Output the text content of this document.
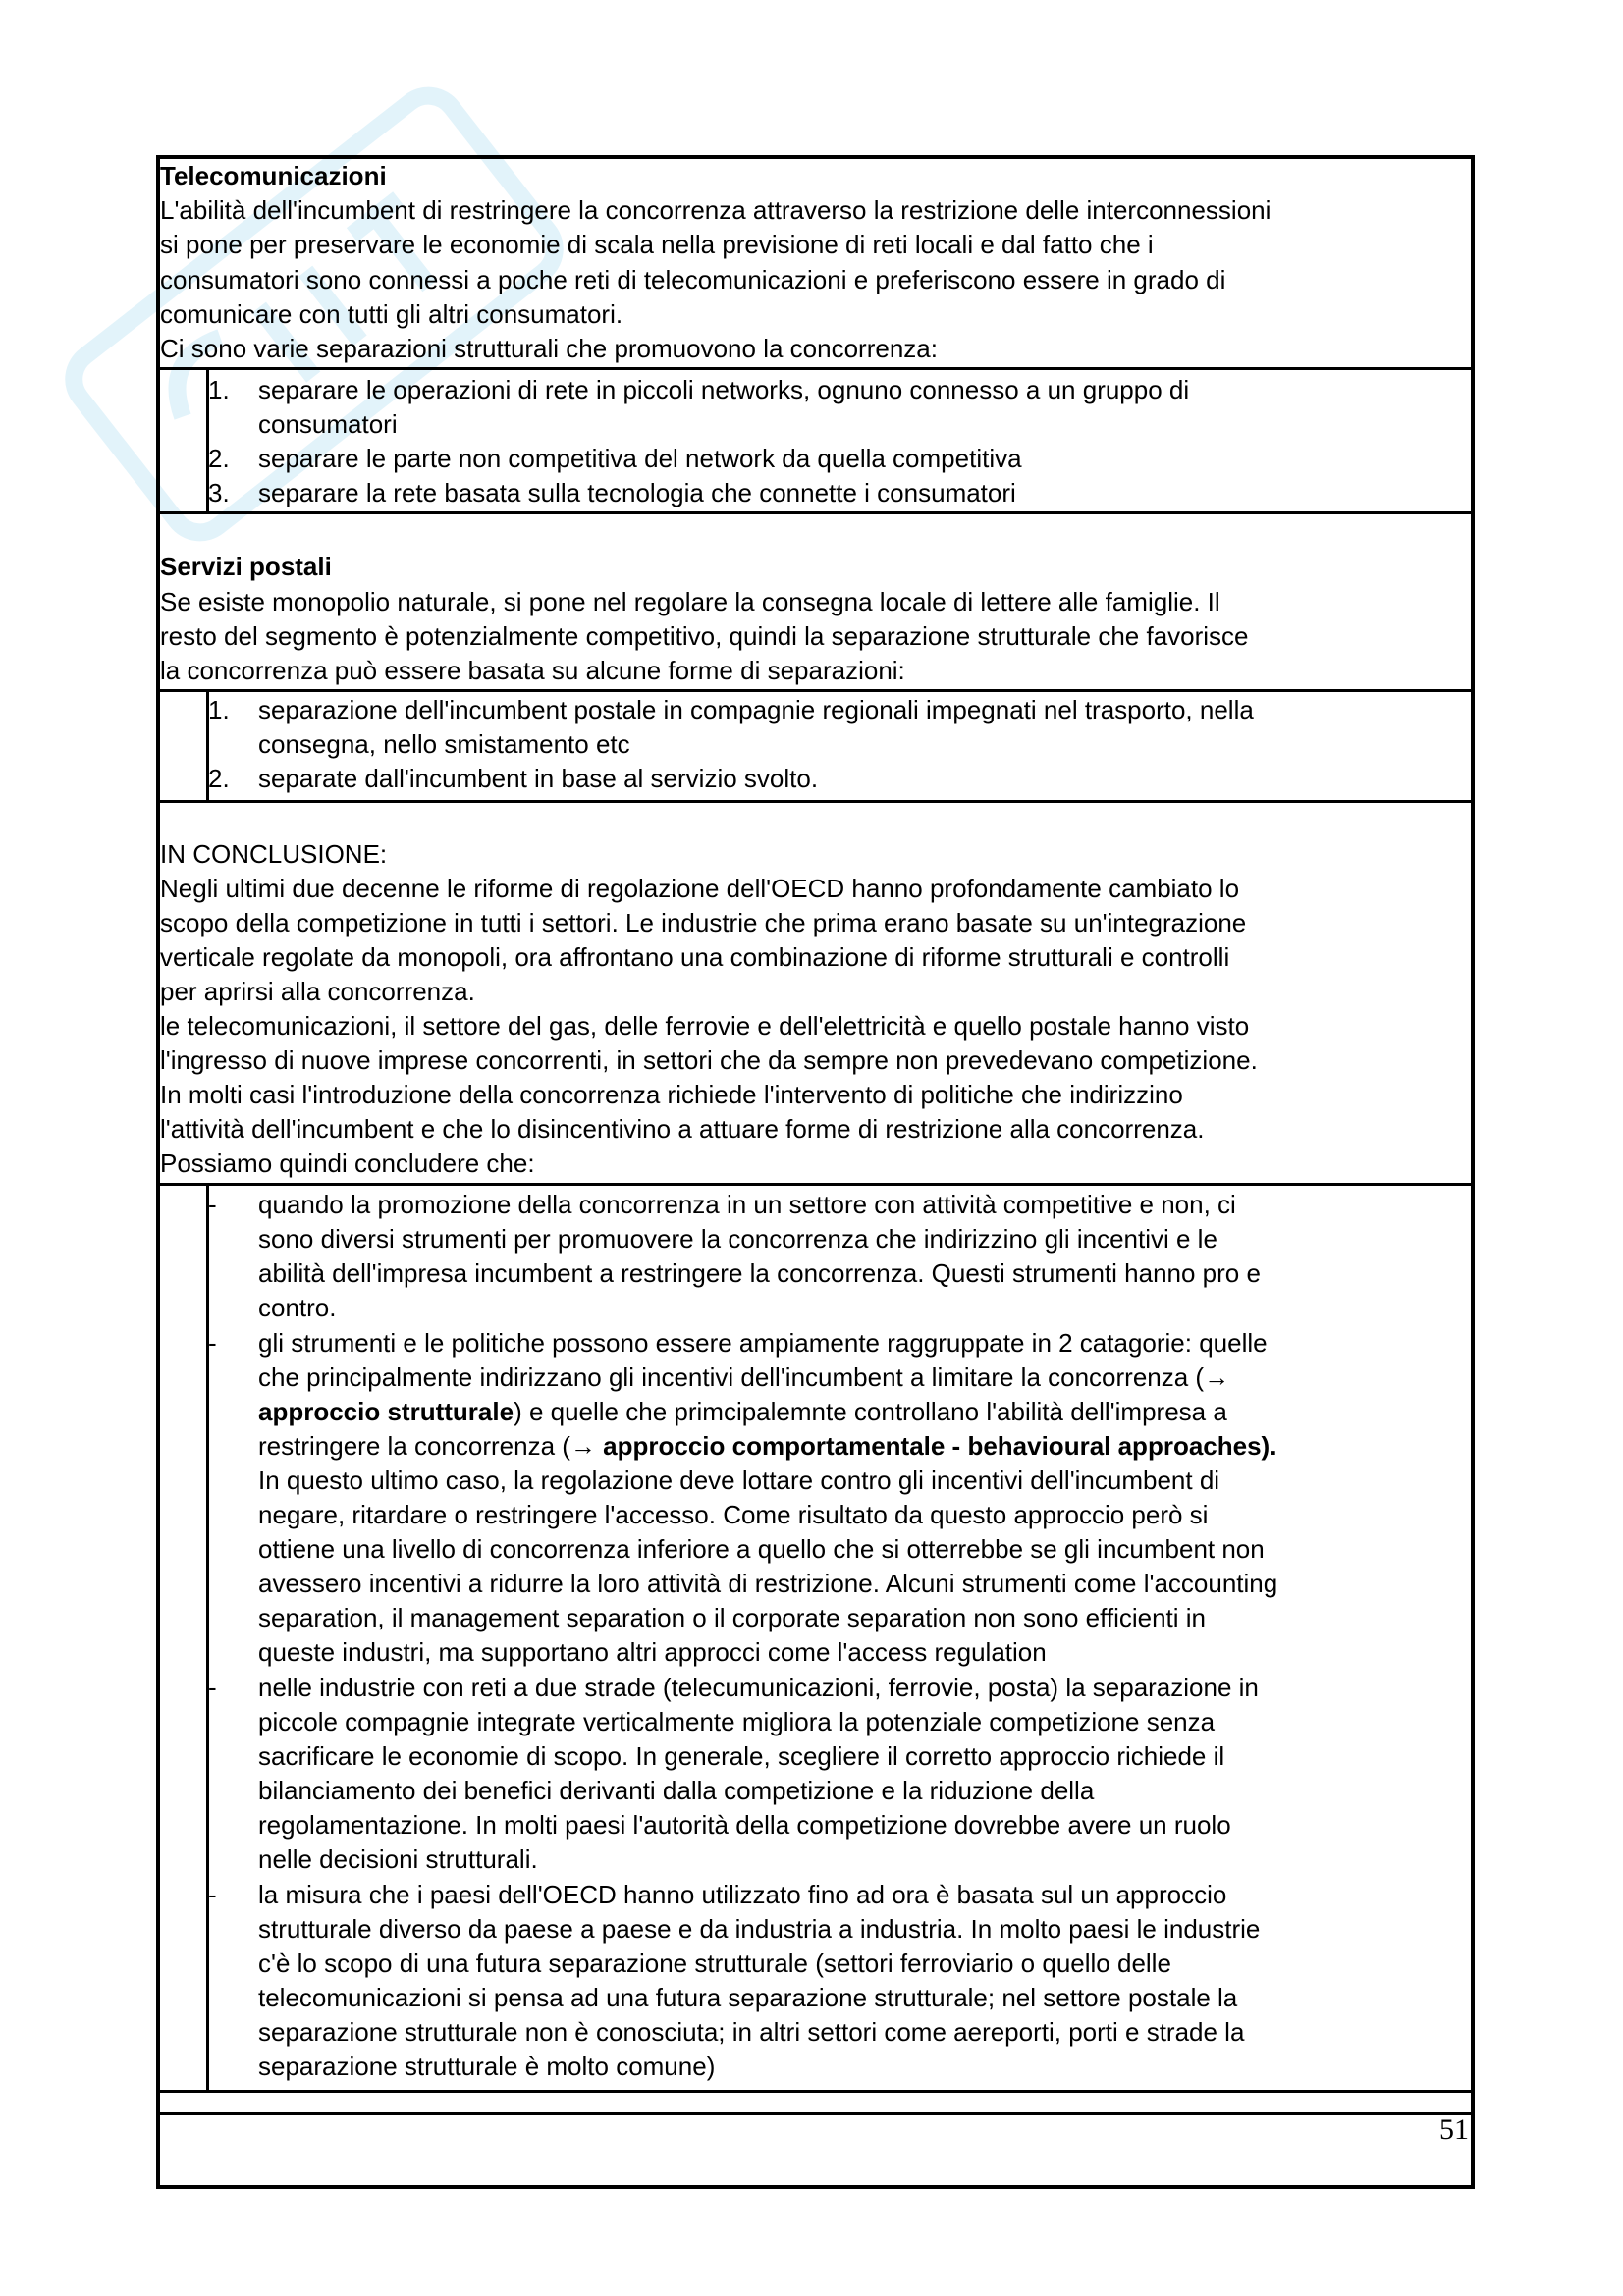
Telecomunicazioni
L'abilità dell'incumbent di restringere la concorrenza attraverso la restrizione delle interconnessioni
si pone per preservare le economie di scala nella previsione di reti locali e dal fatto che i
consumatori sono connessi a poche reti di telecomunicazioni e preferiscono essere in grado di
comunicare con tutti gli altri consumatori.
Ci sono varie separazioni strutturali che promuovono la concorrenza:
1. separare le operazioni di rete in piccoli networks, ognuno connesso a un gruppo di
consumatori
2. separare le parte non competitiva del network da quella competitiva
3. separare la rete basata sulla tecnologia che connette i consumatori
Servizi postali
Se esiste monopolio naturale, si pone nel regolare la consegna locale di lettere alle famiglie. Il
resto del segmento è potenzialmente competitivo, quindi la separazione strutturale che favorisce
la concorrenza può essere basata su alcune forme di separazioni:
1. separazione dell'incumbent postale in compagnie regionali impegnati nel trasporto, nella
consegna, nello smistamento etc
2. separate dall'incumbent in base al servizio svolto.
IN CONCLUSIONE:
Negli ultimi due decenne le riforme di regolazione dell'OECD hanno profondamente cambiato lo
scopo della competizione in tutti i settori. Le industrie che prima erano basate su un'integrazione
verticale regolate da monopoli, ora affrontano una combinazione di riforme strutturali e controlli
per aprirsi alla concorrenza.
le telecomunicazioni, il settore del gas, delle ferrovie e dell'elettricità e quello postale hanno visto
l'ingresso di nuove imprese concorrenti, in settori che da sempre non prevedevano competizione.
In molti casi l'introduzione della concorrenza richiede l'intervento di politiche che indirizzino
l'attività dell'incumbent e che lo disincentivino a attuare forme di restrizione alla concorrenza.
Possiamo quindi concludere che:
- quando la promozione della concorrenza in un settore con attività competitive e non, ci
sono diversi strumenti per promuovere la concorrenza che indirizzino gli incentivi e le
abilità dell'impresa incumbent a restringere la concorrenza. Questi strumenti hanno pro e
contro.
- gli strumenti e le politiche possono essere ampiamente raggruppate in 2 catagorie: quelle
che principalmente indirizzano gli incentivi dell'incumbent a limitare la concorrenza (→
approccio strutturale) e quelle che primcipalemnte controllano l'abilità dell'impresa a
restringere la concorrenza (→ approccio comportamentale - behavioural approaches).
In questo ultimo caso, la regolazione deve lottare contro gli incentivi dell'incumbent di
negare, ritardare o restringere l'accesso. Come risultato da questo approccio però si
ottiene una livello di concorrenza inferiore a quello che si otterrebbe se gli incumbent non
avessero incentivi a ridurre la loro attività di restrizione. Alcuni strumenti come l'accounting
separation, il management separation o il corporate separation non sono efficienti in
queste industri, ma supportano altri approcci come l'access regulation
- nelle industrie con reti a due strade (telecumunicazioni, ferrovie, posta) la separazione in
piccole compagnie integrate verticalmente migliora la potenziale competizione senza
sacrificare le economie di scopo. In generale, scegliere il corretto approccio richiede il
bilanciamento dei benefici derivanti dalla competizione e la riduzione della
regolamentazione. In molti paesi l'autorità della competizione dovrebbe avere un ruolo
nelle decisioni strutturali.
- la misura che i paesi dell'OECD hanno utilizzato fino ad ora è basata sul un approccio
strutturale diverso da paese a paese e da industria a industria. In molto paesi le industrie
c'è lo scopo di una futura separazione strutturale (settori ferroviario o quello delle
telecomunicazioni si pensa ad una futura separazione strutturale; nel settore postale la
separazione strutturale non è conosciuta; in altri settori come aereporti, porti e strade la
separazione strutturale è molto comune)
51
